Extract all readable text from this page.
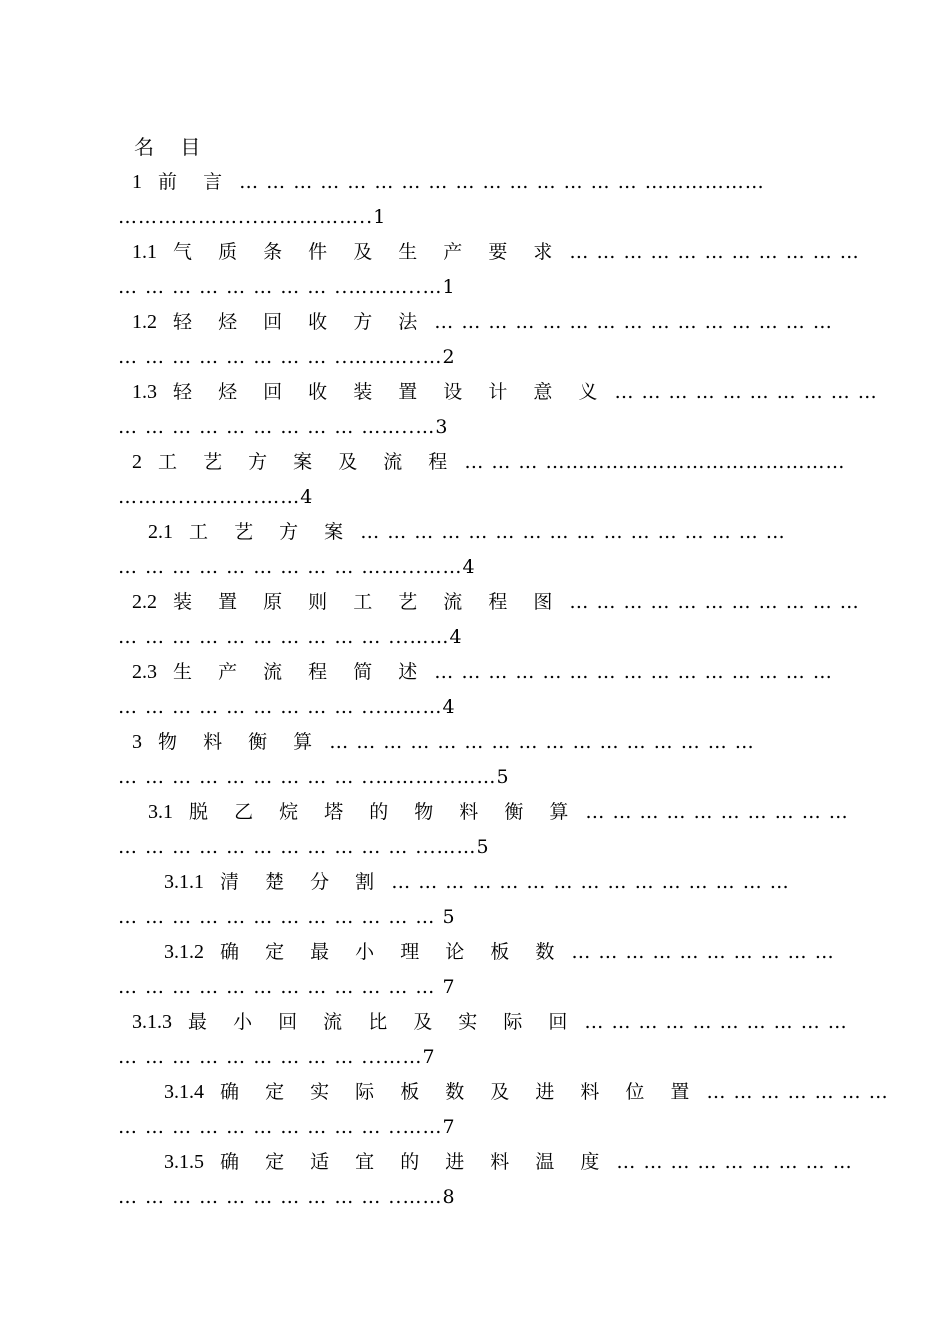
名 目
1 前 言 … … … … … … … … … … … … … … … ………………
………………...……………..1
1.1 气 质 条 件 及 生 产 要 求 … … … … … … … … … … …
… … … … … … … … ..………..…1
1.2 轻 烃 回 收 方 法 … … … … … … … … … … … … … … …
… … … … … … … … ..………..…2
1.3 轻 烃 回 收 装 置 设 计 意 义 … … … … … … … … … …
… … … … … … … … … ……..…3
2 工 艺 方 案 及 流 程 … … … ………………………………………
………...……...……4
2.1 工 艺 方 案 … … … … … … … … … … … … … … … …
… … … … … … … … … ……...……4
2.2 装 置 原 则 工 艺 流 程 图 … … … … … … … … … … …
… … … … … … … … … … ...……4
2.3 生 产 流 程 简 述 … … … … … … … … … … … … … … …
… … … … … … … … … ...………4
3 物 料 衡 算 … … … … … … … … … … … … … … … …
… … … … … … … … … ..………...……5
3.1 脱 乙 烷 塔 的 物 料 衡 算 … … … … … … … … … …
… … … … … … … … … … … ...……5
3.1.1 清 楚 分 割 … … … … … … … … … … … … … … …
… … … … … … … … … … … … 5
3.1.2 确 定 最 小 理 论 板 数 … … … … … … … … … …
… … … … … … … … … … … … 7
3.1.3 最 小 回 流 比 及 实 际 回 … … … … … … … … … …
… … … … … … … … … ...……7
3.1.4 确 定 实 际 板 数 及 进 料 位 置 … … … … … … …
… … … … … … … … … … ..……7
3.1.5 确 定 适 宜 的 进 料 温 度 … … … … … … … … …
… … … … … … … … … … ..……8
